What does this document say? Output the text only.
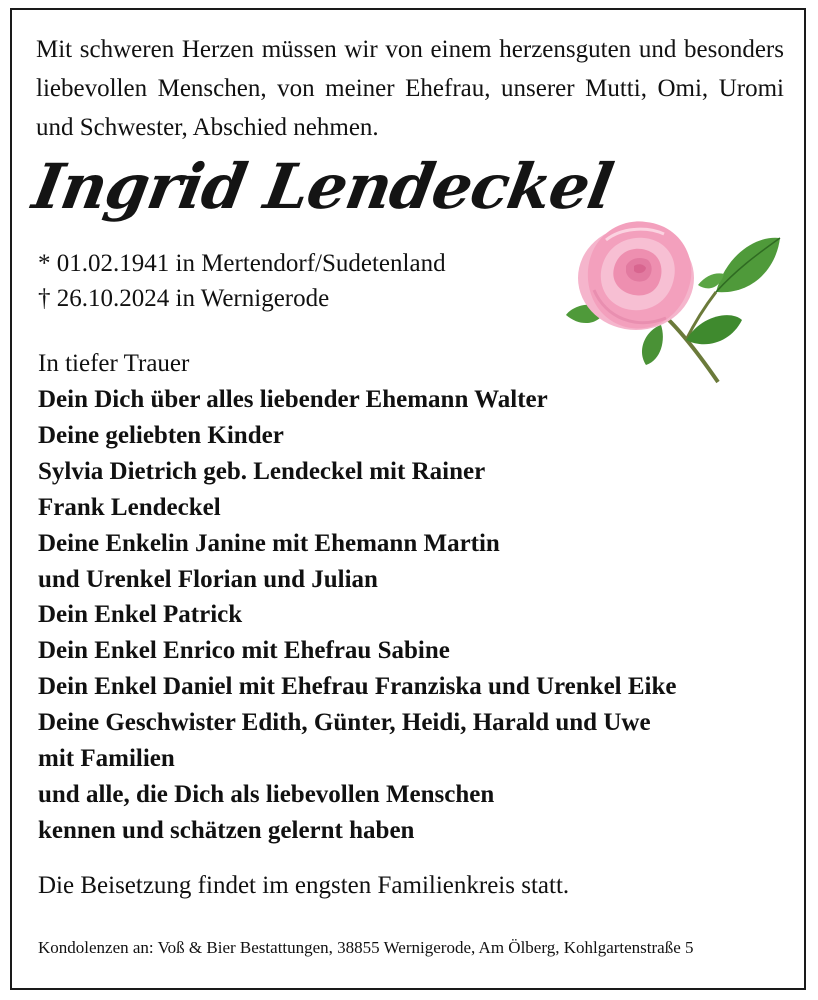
Mit schweren Herzen müssen wir von einem herzensguten und besonders liebevollen Menschen, von meiner Ehefrau, unserer Mutti, Omi, Uromi und Schwester, Abschied nehmen.
Ingrid Lendeckel
* 01.02.1941 in Mertendorf/Sudetenland
† 26.10.2024 in Wernigerode
In tiefer Trauer
Dein Dich über alles liebender Ehemann Walter
Deine geliebten Kinder
Sylvia Dietrich geb. Lendeckel mit Rainer
Frank Lendeckel
Deine Enkelin Janine mit Ehemann Martin
und Urenkel Florian und Julian
Dein Enkel Patrick
Dein Enkel Enrico mit Ehefrau Sabine
Dein Enkel Daniel mit Ehefrau Franziska und Urenkel Eike
Deine Geschwister Edith, Günter, Heidi, Harald und Uwe
mit Familien
und alle, die Dich als liebevollen Menschen
kennen und schätzen gelernt haben
Die Beisetzung findet im engsten Familienkreis statt.
Kondolenzen an: Voß & Bier Bestattungen, 38855 Wernigerode, Am Ölberg, Kohlgartenstraße 5
